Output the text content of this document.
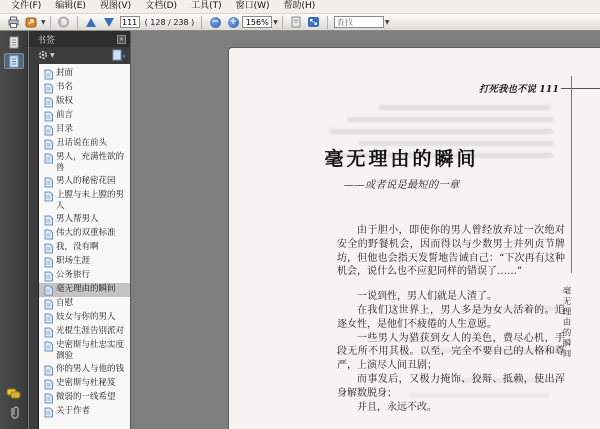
文件(F)	编辑(E)	视图(V)	文档(D)	工具(T)	窗口(W)	帮助(H)
▼
111	( 128 / 238 ) − + 156% ▼
查找	▼
书签	×
▼
封面
书名
版权
前言
目录
丑话说在前头
男人，充满性欲的兽
男人的秘密花园
上膛与未上膛的男人
男人帮男人
伟大的双重标准
我，没有啊
职场生涯
公务旅行
毫无理由的瞬间
自慰
妓女与你的男人
光棍生涯告别派对
史密斯与杜忠实度测验
你的男人与他的钱
史密斯与杜秘笈
微弱的一线希望
关于作者
打死我也不说 111
毫无理由的瞬间
——或者说是最短的一章

由于胆小，即使你的男人曾经放弃过一次绝对安全的野餐机会，因而得以与少数男士并列贞节牌坊，但他也会指天发誓地告诫自己：“下次再有这种机会，说什么也不应犯同样的错误了……”

一说到性，男人们就是人渣了。

在我们这世界上，男人多是为女人活着的。追逐女性，是他们不疲倦的人生意愿。

一些男人为猎获到女人的美色，费尽心机，手段无所不用其极。以至，完全不要自己的人格和尊严，上演尽人间丑剧；

而事发后，又极力掩饰、狡辩、抵赖，使出浑身解数脱身；

并且，永远不改。

毫无理由的瞬间
